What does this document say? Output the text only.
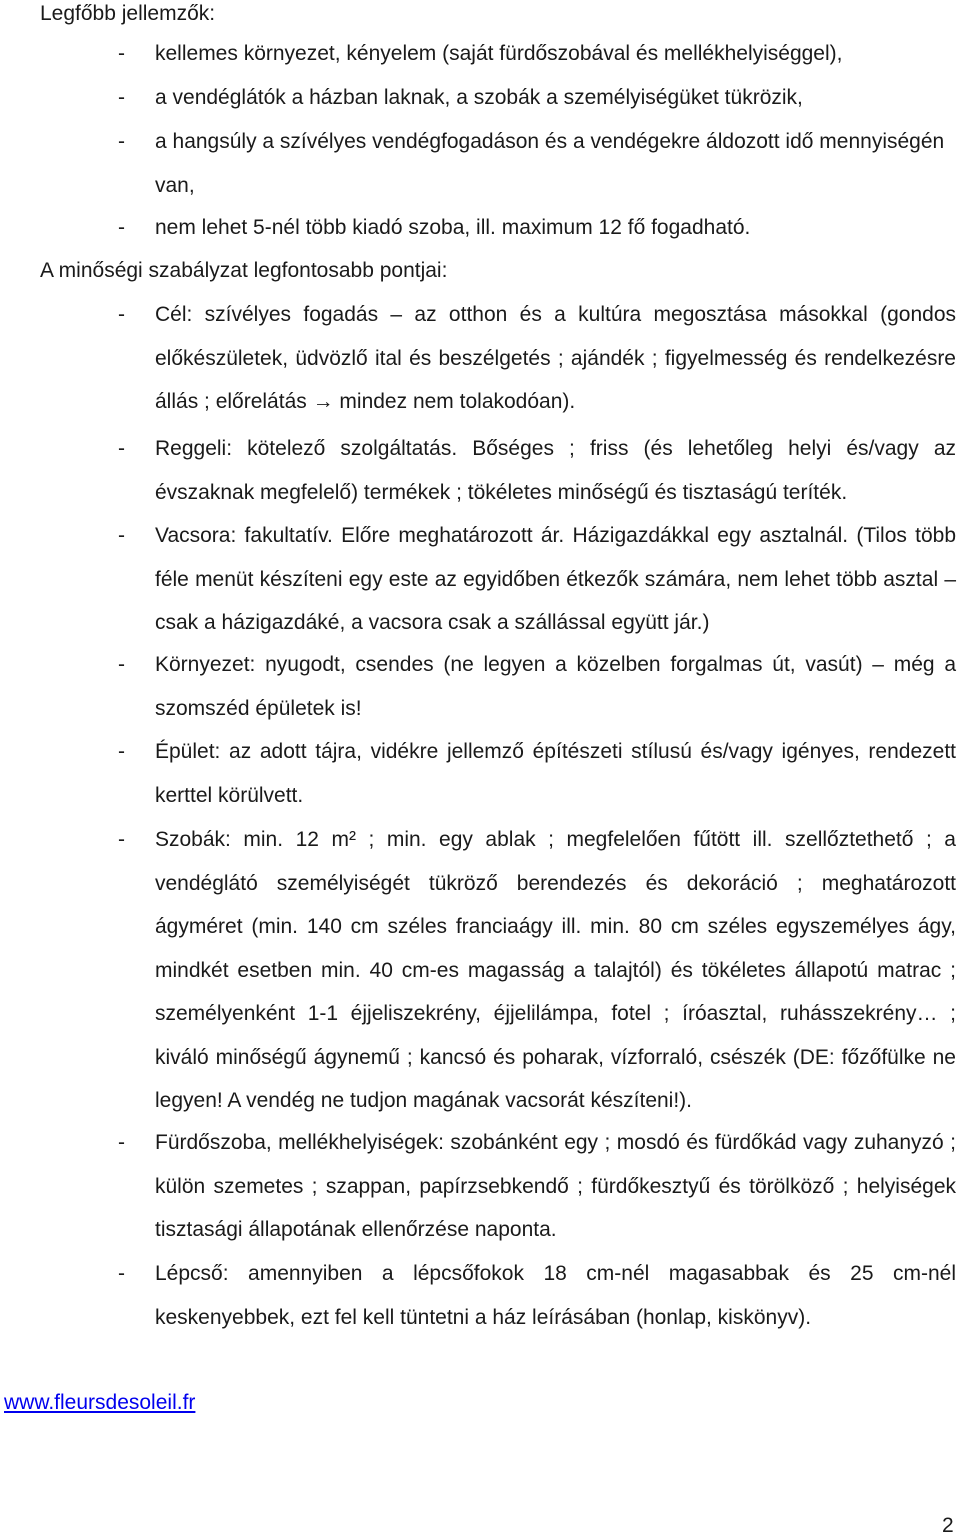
Legfőbb jellemzők:
- kellemes környezet, kényelem (saját fürdőszobával és mellékhelyiséggel),
- a vendéglátók a házban laknak, a szobák a személyiségüket tükrözik,
- a hangsúly a szívélyes vendégfogadáson és a vendégekre áldozott idő mennyiségén van,
- nem lehet 5-nél több kiadó szoba, ill. maximum 12 fő fogadható.
A minőségi szabályzat legfontosabb pontjai:
- Cél: szívélyes fogadás – az otthon és a kultúra megosztása másokkal (gondos előkészületek, üdvözlő ital és beszélgetés ; ajándék ; figyelmesség és rendelkezésre állás ; előrelátás → mindez nem tolakodóan).
- Reggeli: kötelező szolgáltatás. Bőséges ; friss (és lehetőleg helyi és/vagy az évszaknak megfelelő) termékek ; tökéletes minőségű és tisztaságú teríték.
- Vacsora: fakultatív. Előre meghatározott ár. Házigazdákkal egy asztalnál. (Tilos több féle menüt készíteni egy este az egyidőben étkezők számára, nem lehet több asztal – csak a házigazdáké, a vacsora csak a szállással együtt jár.)
- Környezet: nyugodt, csendes (ne legyen a közelben forgalmas út, vasút) – még a szomszéd épületek is!
- Épület: az adott tájra, vidékre jellemző építészeti stílusú és/vagy igényes, rendezett kerttel körülvett.
- Szobák: min. 12 m² ; min. egy ablak ; megfelelően fűtött ill. szellőztethető ; a vendéglátó személyiségét tükröző berendezés és dekoráció ; meghatározott ágyméret (min. 140 cm széles franciaágy ill. min. 80 cm széles egyszemélyes ágy, mindkét esetben min. 40 cm-es magasság a talajtól) és tökéletes állapotú matrac ; személyenként 1-1 éjjeliszekrény, éjjelilámpa, fotel ; íróasztal, ruhásszekrény… ; kiváló minőségű ágynemű ; kancsó és poharak, vízforraló, csészék (DE: főzőfülke ne legyen! A vendég ne tudjon magának vacsorát készíteni!).
- Fürdőszoba, mellékhelyiségek: szobánként egy ; mosdó és fürdőkád vagy zuhanyzó ; külön szemetes ; szappan, papírzsebkendő ; fürdőkesztyű és törölköző ; helyiségek tisztasági állapotának ellenőrzése naponta.
- Lépcső: amennyiben a lépcsőfokok 18 cm-nél magasabbak és 25 cm-nél keskenyebbek, ezt fel kell tüntetni a ház leírásában (honlap, kiskönyv).
www.fleursdesoleil.fr
2
